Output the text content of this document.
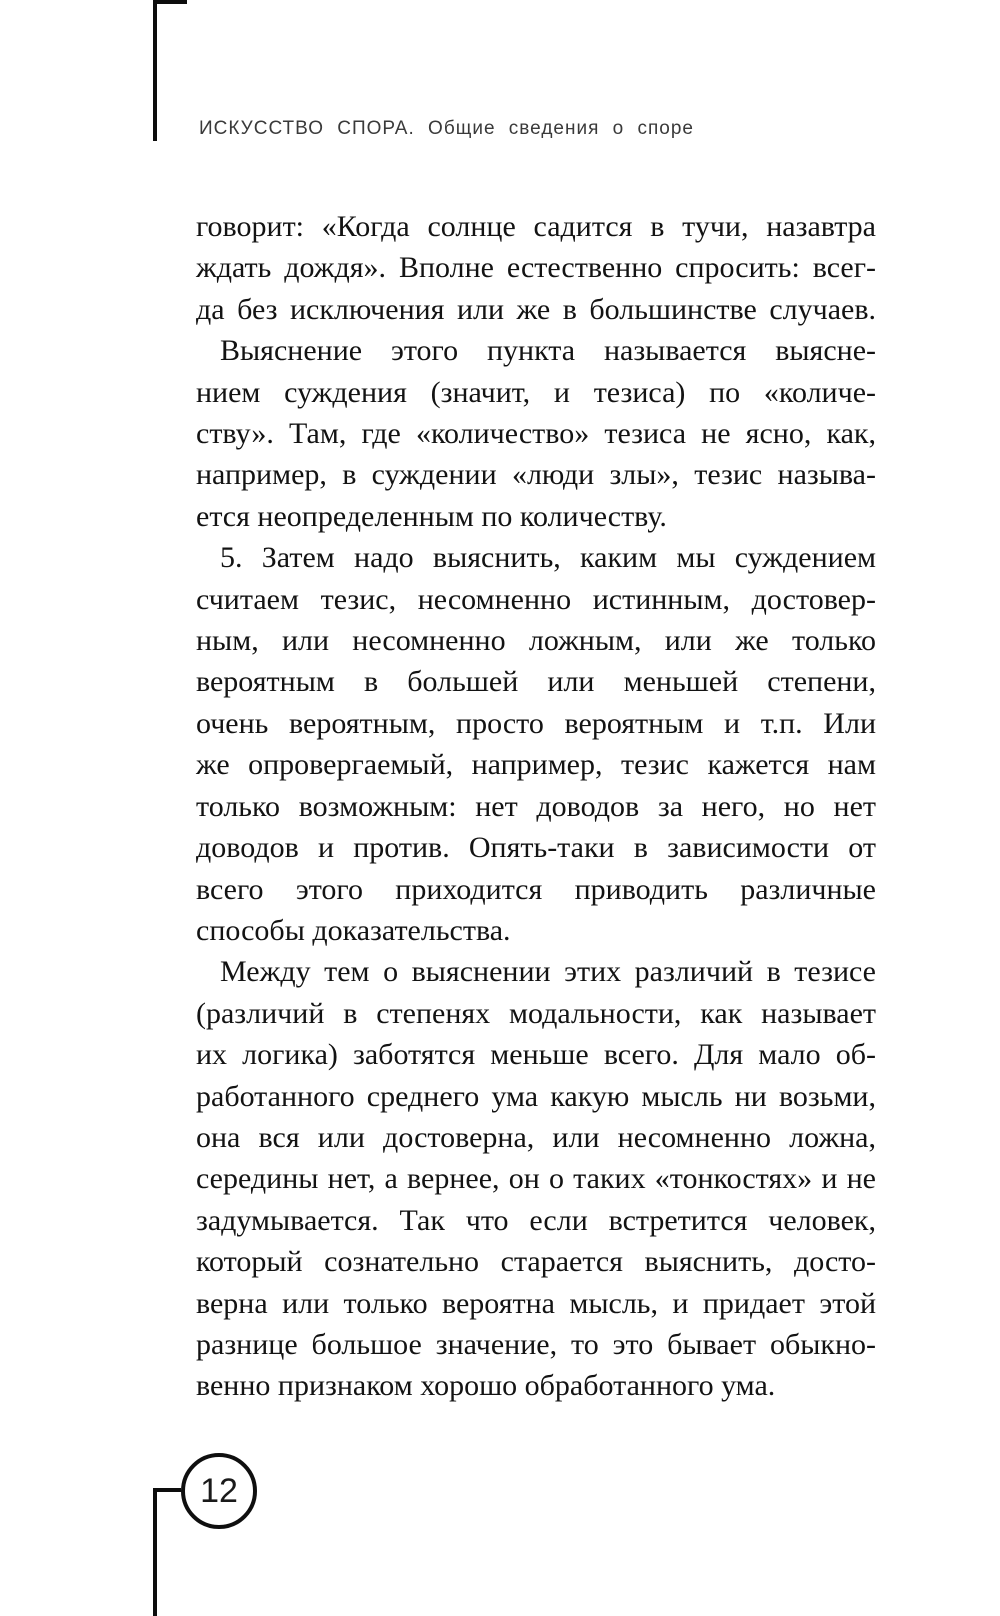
ИСКУССТВО СПОРА. Общие сведения о споре
говорит: «Когда солнце садится в тучи, назавтра
ждать дождя». Вполне естественно спросить: всег-
да без исключения или же в большинстве случаев.
Выяснение этого пункта называется выясне-
нием суждения (значит, и тезиса) по «количе-
ству». Там, где «количество» тезиса не ясно, как,
например, в суждении «люди злы», тезис называ-
ется неопределенным по количеству.
5. Затем надо выяснить, каким мы суждением
считаем тезис, несомненно истинным, достовер-
ным, или несомненно ложным, или же только
вероятным в большей или меньшей степени,
очень вероятным, просто вероятным и т.п. Или
же опровергаемый, например, тезис кажется нам
только возможным: нет доводов за него, но нет
доводов и против. Опять-таки в зависимости от
всего этого приходится приводить различные
способы доказательства.
Между тем о выяснении этих различий в тезисе
(различий в степенях модальности, как называет
их логика) заботятся меньше всего. Для мало об-
работанного среднего ума какую мысль ни возьми,
она вся или достоверна, или несомненно ложна,
середины нет, а вернее, он о таких «тонкостях» и не
задумывается. Так что если встретится человек,
который сознательно старается выяснить, досто-
верна или только вероятна мысль, и придает этой
разнице большое значение, то это бывает обыкно-
венно признаком хорошо обработанного ума.
12
